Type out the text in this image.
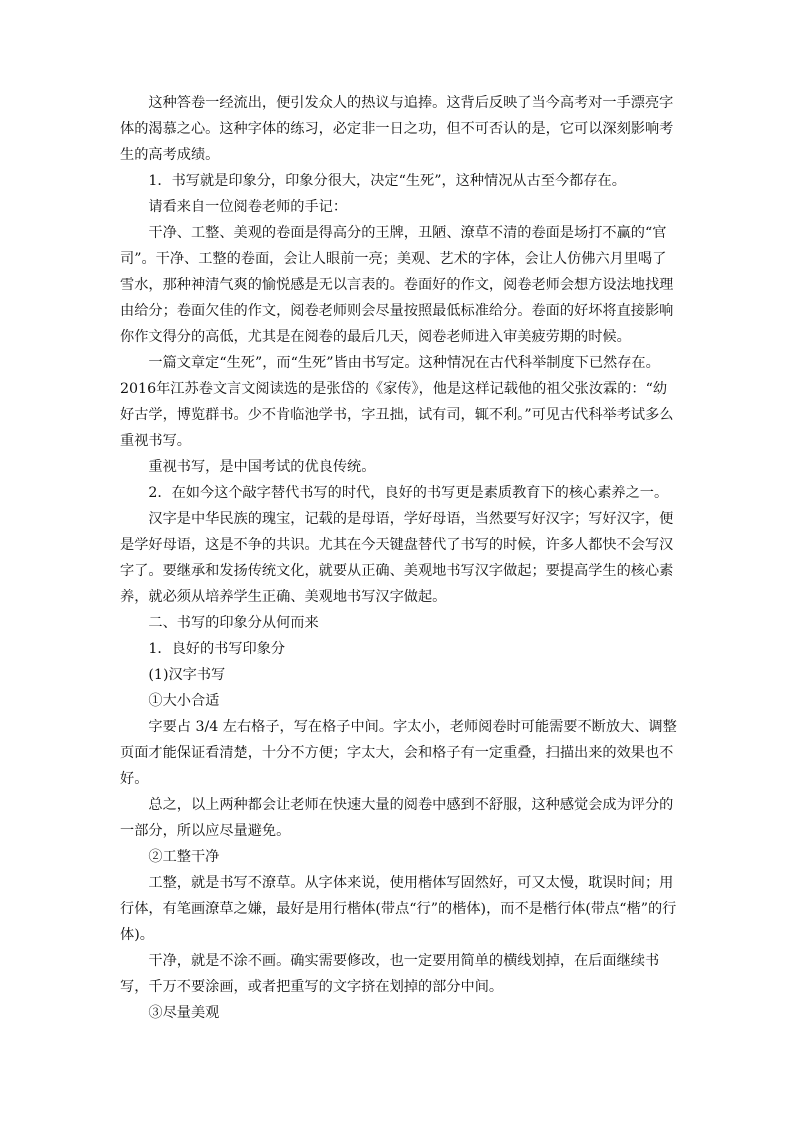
这种答卷一经流出，便引发众人的热议与追捧。这背后反映了当今高考对一手漂亮字体的渴慕之心。这种字体的练习，必定非一日之功，但不可否认的是，它可以深刻影响考生的高考成绩。

1．书写就是印象分，印象分很大，决定“生死”，这种情况从古至今都存在。

请看来自一位阅卷老师的手记：

干净、工整、美观的卷面是得高分的王牌，丑陋、潦草不清的卷面是场打不赢的“官司”。干净、工整的卷面，会让人眼前一亮；美观、艺术的字体，会让人仿佛六月里喝了雪水，那种神清气爽的愉悦感是无以言表的。卷面好的作文，阅卷老师会想方设法地找理由给分；卷面欠佳的作文，阅卷老师则会尽量按照最低标准给分。卷面的好坏将直接影响你作文得分的高低，尤其是在阅卷的最后几天，阅卷老师进入审美疲劳期的时候。

一篇文章定“生死”，而“生死”皆由书写定。这种情况在古代科举制度下已然存在。2016年江苏卷文言文阅读选的是张岱的《家传》，他是这样记载他的祖父张汝霖的：“幼好古学，博览群书。少不肯临池学书，字丑拙，试有司，辄不利。”可见古代科举考试多么重视书写。

重视书写，是中国考试的优良传统。

2．在如今这个敲字替代书写的时代，良好的书写更是素质教育下的核心素养之一。

汉字是中华民族的瑰宝，记载的是母语，学好母语，当然要写好汉字；写好汉字，便是学好母语，这是不争的共识。尤其在今天键盘替代了书写的时候，许多人都快不会写汉字了。要继承和发扬传统文化，就要从正确、美观地书写汉字做起；要提高学生的核心素养，就必须从培养学生正确、美观地书写汉字做起。

二、书写的印象分从何而来

1．良好的书写印象分

(1)汉字书写

①大小合适

字要占 3/4 左右格子，写在格子中间。字太小，老师阅卷时可能需要不断放大、调整页面才能保证看清楚，十分不方便；字太大，会和格子有一定重叠，扫描出来的效果也不好。

总之，以上两种都会让老师在快速大量的阅卷中感到不舒服，这种感觉会成为评分的一部分，所以应尽量避免。

②工整干净

工整，就是书写不潦草。从字体来说，使用楷体写固然好，可又太慢，耽误时间；用行体，有笔画潦草之嫌，最好是用行楷体(带点“行”的楷体)，而不是楷行体(带点“楷”的行体)。

干净，就是不涂不画。确实需要修改，也一定要用简单的横线划掉，在后面继续书写，千万不要涂画，或者把重写的文字挤在划掉的部分中间。

③尽量美观
